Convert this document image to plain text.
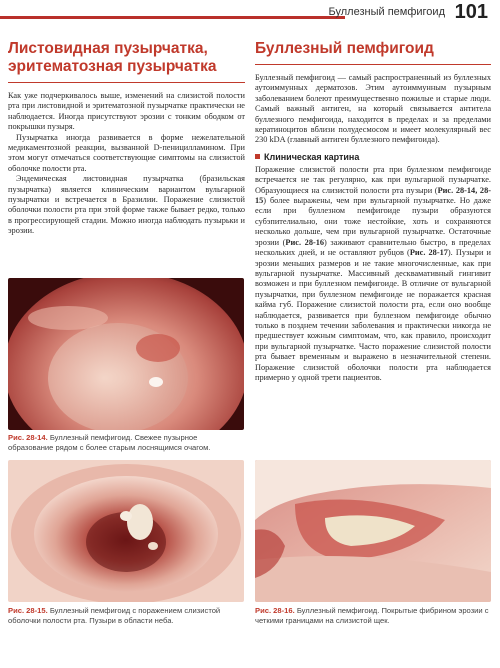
Буллезный пемфигоид 101
Листовидная пузырчатка, эритематозная пузырчатка

Как уже подчеркивалось выше, изменений на слизистой полости рта при листовидной и эритематозной пузырчатке практически не наблюдается. Иногда присутствуют эрозии с тонким ободком от покрышки пузыря.

Пузырчатка иногда развивается в форме нежелательной медикаментозной реакции, вызванной D-пеницилламином. При этом могут отмечаться соответствующие симптомы на слизистой оболочке полости рта.

Эндемическая листовидная пузырчатка (бразильская пузырчатка) является клиническим вариантом вульгарной пузырчатки и встречается в Бразилии. Поражение слизистой оболочки полости рта при этой форме также бывает редко, только в прогрессирующей стадии. Можно иногда наблюдать пузырьки и эрозии.

Буллезный пемфигоид

Буллезный пемфигоид — самый распространенный из буллезных аутоиммунных дерматозов. Этим аутоиммунным пузырным заболеванием болеют преимущественно пожилые и старые люди. Самый важный антиген, на который связывается антитела буллезного пемфигоида, находится в пределах и за пределами кератиноцитов вблизи полудесмосом и имеет молекулярный вес 230 kDA (главный антиген буллезного пемфигоида).

Клиническая картина

Поражение слизистой полости рта при буллезном пемфигоиде встречается не так регулярно, как при вульгарной пузырчатке. Образующиеся на слизистой полости рта пузыри (Рис. 28-14, 28-15) более выражены, чем при вульгарной пузырчатке. Но даже если при буллезном пемфигоиде пузыри образуются субэпителиально, они тоже нестойкие, хоть и сохраняются несколько дольше, чем при вульгарной пузырчатке. Остаточные эрозии (Рис. 28-16) заживают сравнительно быстро, в пределах нескольких дней, и не оставляют рубцов (Рис. 28-17). Пузыри и эрозии меньших размеров и не такие многочисленные, как при вульгарной пузырчатке. Массивный десквамативный гингивит возможен и при буллезном пемфигоиде. В отличие от вульгарной пузырчатки, при буллезном пемфигоиде не поражается красная кайма губ. Поражение слизистой полости рта, если оно вообще наблюдается, развивается при буллезном пемфигоиде обычно только в позднем течении заболевания и практически никогда не предшествует кожным симптомам, что, как правило, происходит при вульгарной пузырчатке. Часто поражение слизистой полости рта бывает временным и выражено в незначительной степени. Поражение слизистой оболочки полости рта наблюдается примерно у одной трети пациентов.

Рис. 28-14. Буллезный пемфигоид. Свежее пузырное образование рядом с более старым лоснящимся очагом.
Рис. 28-15. Буллезный пемфигоид с поражением слизистой оболочки полости рта. Пузыри в области неба.
Рис. 28-16. Буллезный пемфигоид. Покрытые фибрином эрозии с четкими границами на слизистой щек.
